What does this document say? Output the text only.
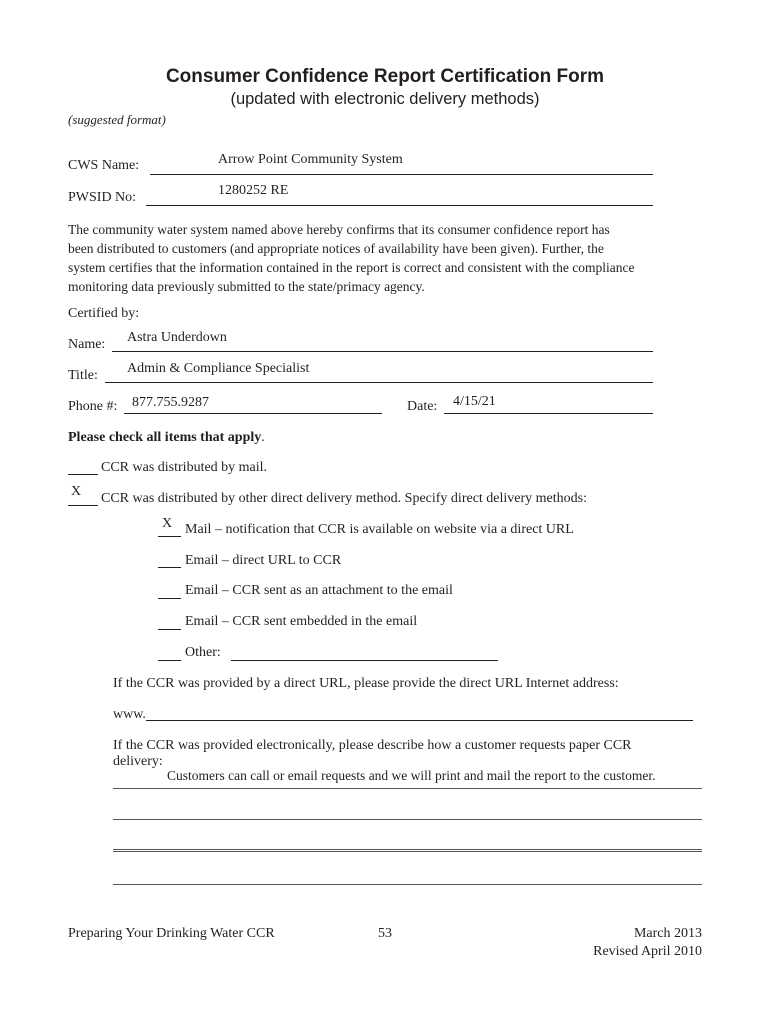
Consumer Confidence Report Certification Form
(updated with electronic delivery methods)
(suggested format)
CWS Name:	Arrow Point Community System
PWSID No:	1280252 RE
The community water system named above hereby confirms that its consumer confidence report has
been distributed to customers (and appropriate notices of availability have been given). Further, the
system certifies that the information contained in the report is correct and consistent with the compliance
monitoring data previously submitted to the state/primacy agency.
Certified by:
Name: Astra Underdown
Title: Admin & Compliance Specialist
Phone #: 877.755.9287	Date: 4/15/21
Please check all items that apply.
CCR was distributed by mail.
X CCR was distributed by other direct delivery method. Specify direct delivery methods:
X Mail – notification that CCR is available on website via a direct URL
Email – direct URL to CCR
Email – CCR sent as an attachment to the email
Email – CCR sent embedded in the email
Other:
If the CCR was provided by a direct URL, please provide the direct URL Internet address:
www.
If the CCR was provided electronically, please describe how a customer requests paper CCR
delivery:
Customers can call or email requests and we will print and mail the report to the customer.
Preparing Your Drinking Water CCR	53	March 2013
Revised April 2010
